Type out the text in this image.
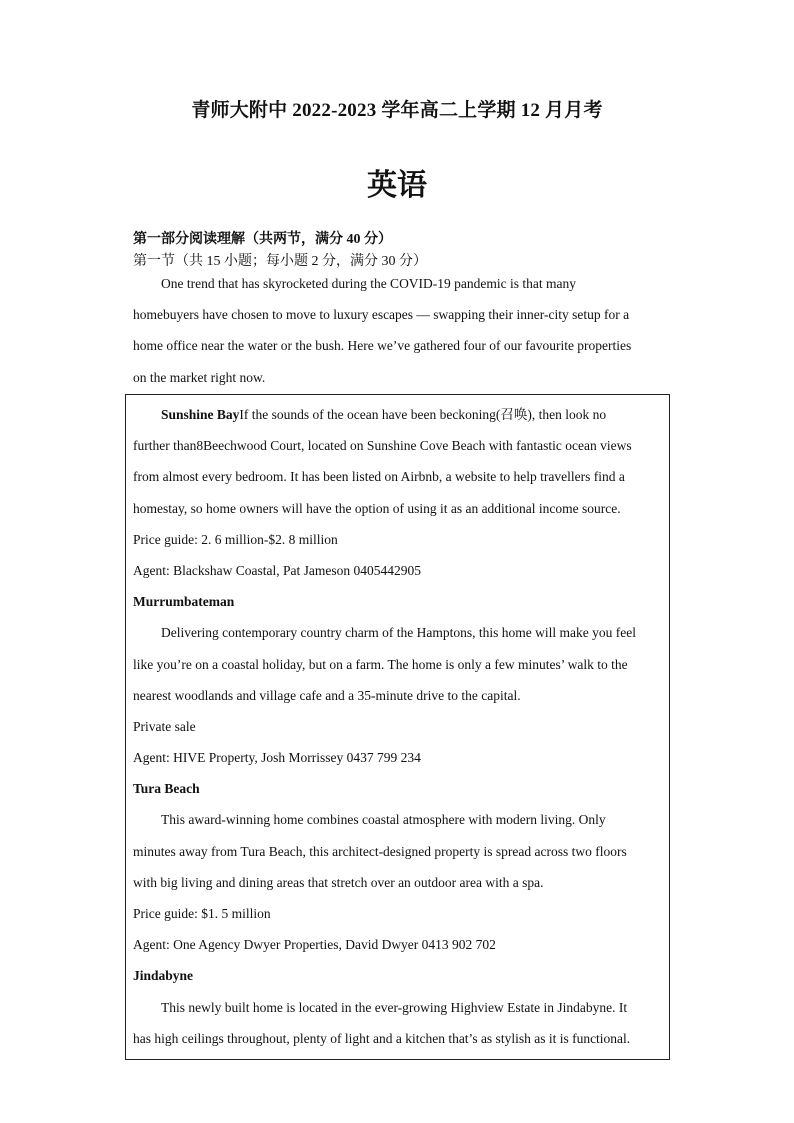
青师大附中 2022-2023 学年高二上学期 12 月月考
英语
第一部分阅读理解（共两节，满分 40 分）
第一节（共 15 小题；每小题 2 分，满分 30 分）
One trend that has skyrocketed during the COVID-19 pandemic is that many
homebuyers have chosen to move to luxury escapes — swapping their inner-city setup for a
home office near the water or the bush. Here we’ve gathered four of our favourite properties
on the market right now.
Sunshine BayIf the sounds of the ocean have been beckoning(召唤), then look no
further than8Beechwood Court, located on Sunshine Cove Beach with fantastic ocean views
from almost every bedroom. It has been listed on Airbnb, a website to help travellers find a
homestay, so home owners will have the option of using it as an additional income source.
Price guide: 2. 6 million-$2. 8 million
Agent: Blackshaw Coastal, Pat Jameson 0405442905
Murrumbateman
Delivering contemporary country charm of the Hamptons, this home will make you feel
like you’re on a coastal holiday, but on a farm. The home is only a few minutes’ walk to the
nearest woodlands and village cafe and a 35-minute drive to the capital.
Private sale
Agent: HIVE Property, Josh Morrissey 0437 799 234
Tura Beach
This award-winning home combines coastal atmosphere with modern living. Only
minutes away from Tura Beach, this architect-designed property is spread across two floors
with big living and dining areas that stretch over an outdoor area with a spa.
Price guide: $1. 5 million
Agent: One Agency Dwyer Properties, David Dwyer 0413 902 702
Jindabyne
This newly built home is located in the ever-growing Highview Estate in Jindabyne. It
has high ceilings throughout, plenty of light and a kitchen that’s as stylish as it is functional.
